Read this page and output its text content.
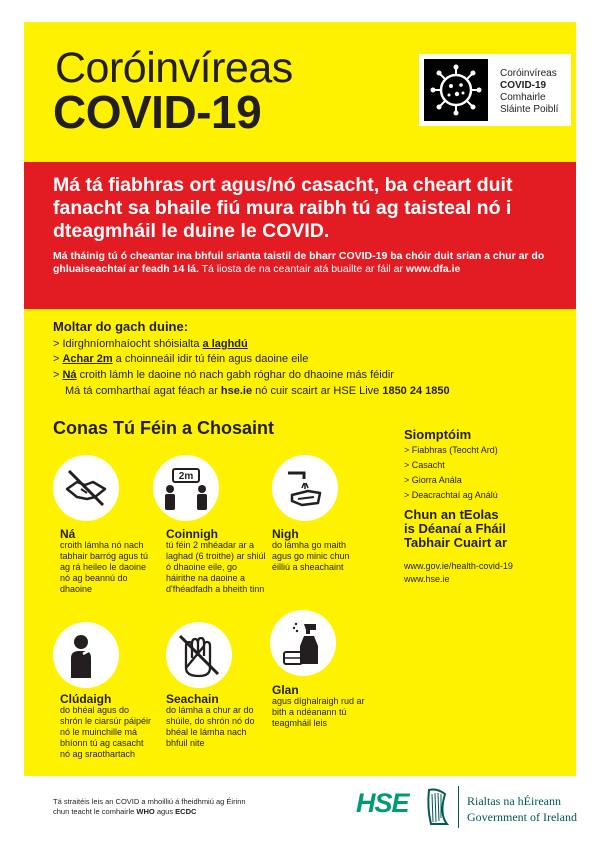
Coróinvíreas
COVID-19
Coróinvíreas
COVID-19
Comhairle
Sláinte Poiblí
Má tá fiabhras ort agus/nó casacht, ba cheart duit fanacht sa bhaile fiú mura raibh tú ag taisteal nó i dteagmháil le duine le COVID.
Má tháinig tú ó cheantar ina bhfuil srianta taistil de bharr COVID-19 ba chóir duit srian a chur ar do ghluaiseachtaí ar feadh 14 lá. Tá liosta de na ceantair atá buailte ar fáil ar www.dfa.ie
Moltar do gach duine:
> Idirghníomhaíocht shóisialta a laghdú
> Achar 2m a choinneáil idir tú féin agus daoine eile
> Ná croith lámh le daoine nó nach gabh róghar do dhaoine más féidir
Má tá comharthaí agat féach ar hse.ie nó cuir scairt ar HSE Live 1850 24 1850
Conas Tú Féin a Chosaint
2m
Ná
croith lámha nó nach tabhair barróg agus tú ag rá heileo le daoine nó ag beannú do dhaoine
Coinnigh
tú féin 2 mhéadar ar a laghad (6 troithe) ar shiúl ó dhaoine eile, go háirithe na daoine a d'fhéadfadh a bheith tinn
Nigh
do lámha go maith agus go minic chun éilliú a sheachaint
Clúdaigh
do bhéal agus do shrón le ciarsúr páipéir nó le muinchille má bhíonn tú ag casacht nó ag sraothartach
Seachain
do lámha a chur ar do shúile, do shrón nó do bhéal le lámha nach bhfuil nite
Glan
agus díghalraigh rud ar bith a ndéanann tú teagmháil leis
Siomptóim
> Fiabhras (Teocht Ard)
> Casacht
> Giorra Anála
> Deacrachtaí ag Análú
Chun an tEolas
is Déanaí a Fháil
Tabhair Cuairt ar
www.gov.ie/health-covid-19
www.hse.ie
Tá straitéis leis an COVID a mhoilliú á fheidhmiú ag Éirinn chun teacht le comhairle WHO agus ECDC	HSE	Rialtas na hÉireann
Government of Ireland
